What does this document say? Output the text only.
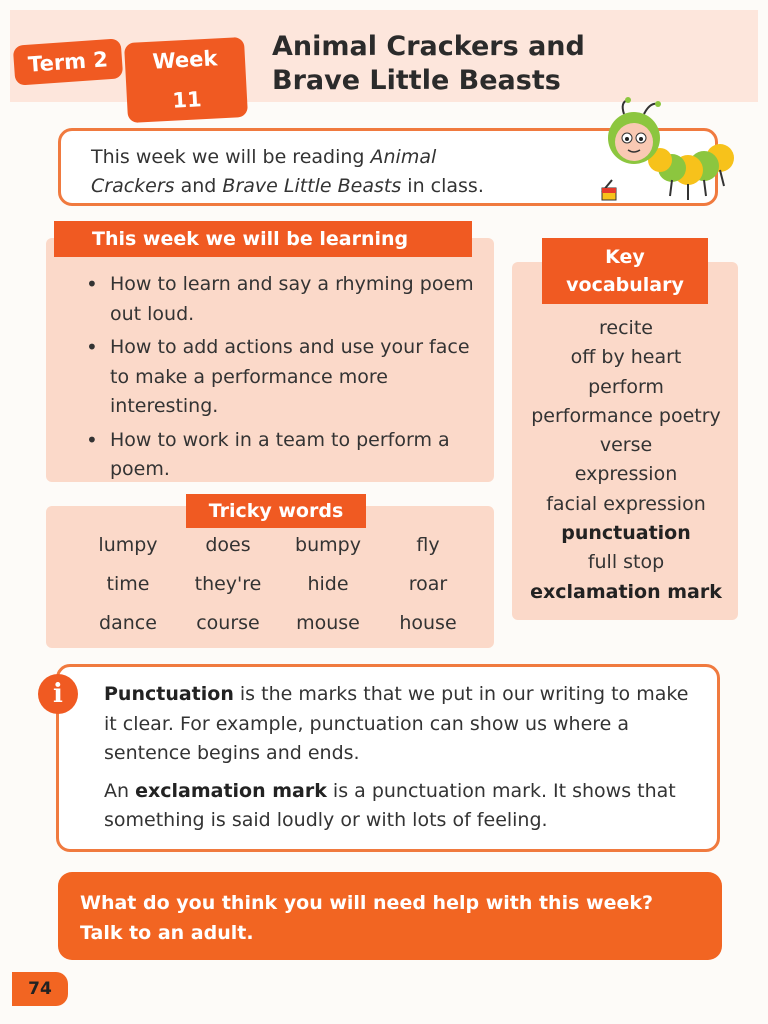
Term 2	Week 11
Animal Crackers and
Brave Little Beasts
This week we will be reading Animal
Crackers and Brave Little Beasts in class.
This week we will be learning
• How to learn and say a rhyming poem out loud.
• How to add actions and use your face to make a performance more interesting.
• How to work in a team to perform a poem.
Tricky words
lumpy	does	bumpy	fly
time	they're	hide	roar
dance	course	mouse	house
Key
vocabulary
recite
off by heart
perform
performance poetry
verse
expression
facial expression
punctuation
full stop
exclamation mark
i	Punctuation is the marks that we put in our writing to make it clear. For example, punctuation can show us where a sentence begins and ends.

An exclamation mark is a punctuation mark. It shows that something is said loudly or with lots of feeling.

What do you think you will need help with this week?
Talk to an adult.
74
